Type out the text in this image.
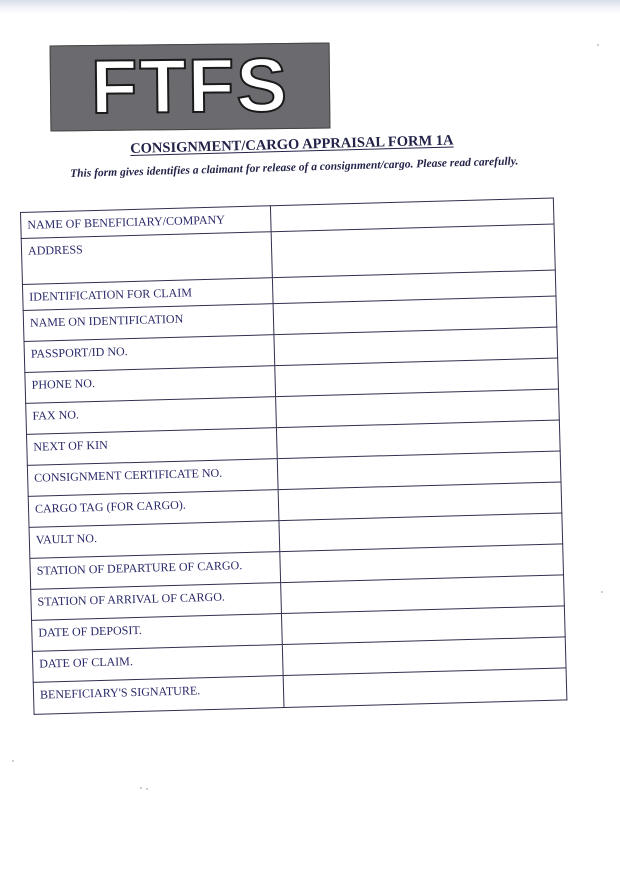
FTFS
CONSIGNMENT/CARGO APPRAISAL FORM 1A
This form gives identifies a claimant for release of a consignment/cargo. Please read carefully.
NAME OF BENEFICIARY/COMPANY	
ADDRESS	
IDENTIFICATION FOR CLAIM	
NAME ON IDENTIFICATION	
PASSPORT/ID NO.	
PHONE NO.	
FAX NO.	
NEXT OF KIN	
CONSIGNMENT CERTIFICATE NO.	
CARGO TAG (FOR CARGO).	
VAULT NO.	
STATION OF DEPARTURE OF CARGO.	
STATION OF ARRIVAL OF CARGO.	
DATE OF DEPOSIT.	
DATE OF CLAIM.	
BENEFICIARY'S SIGNATURE.	
